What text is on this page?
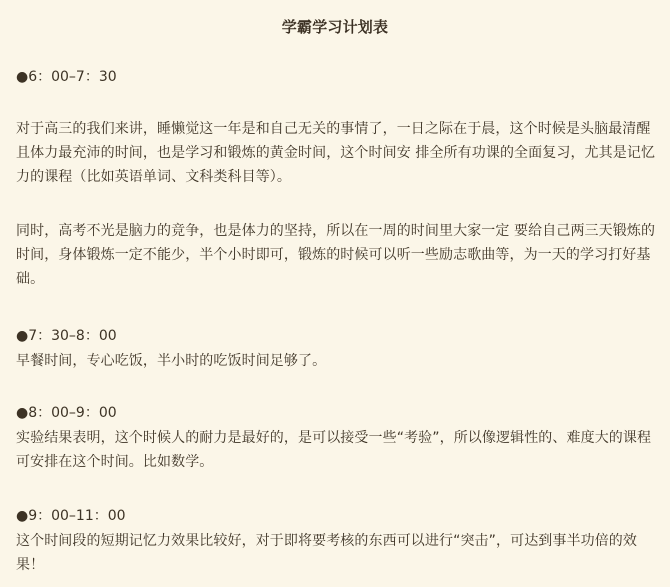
学霸学习计划表
●6：00–7：30
对于高三的我们来讲，睡懒觉这一年是和自己无关的事情了，一日之际在于晨，这个时候是头脑最清醒且体力最充沛的时间，也是学习和锻炼的黄金时间，这个时间安 排全所有功课的全面复习，尤其是记忆力的课程（比如英语单词、文科类科目等）。
同时，高考不光是脑力的竞争，也是体力的坚持，所以在一周的时间里大家一定 要给自己两三天锻炼的时间，身体锻炼一定不能少，半个小时即可，锻炼的时候可以听一些励志歌曲等，为一天的学习打好基础。
●7：30–8：00
早餐时间，专心吃饭，半小时的吃饭时间足够了。
●8：00–9：00
实验结果表明，这个时候人的耐力是最好的，是可以接受一些“考验”，所以像逻辑性的、难度大的课程可安排在这个时间。比如数学。
●9：00–11：00
这个时间段的短期记忆力效果比较好，对于即将要考核的东西可以进行“突击”，可达到事半功倍的效果！
